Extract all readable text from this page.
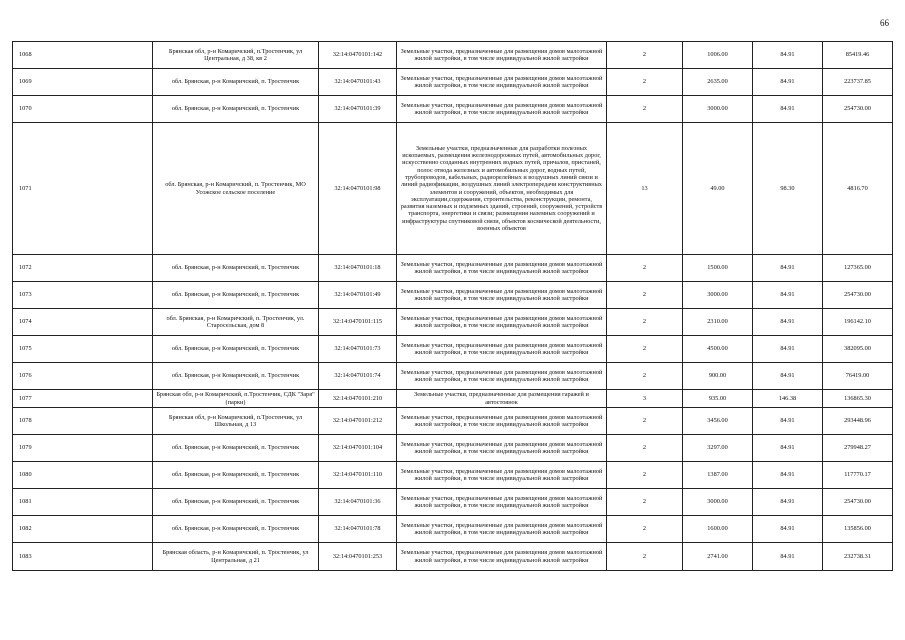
66
1068	Брянская обл, р-н Комаричский, п.Тростенчик, ул Центральная, д 38, кв 2	32:14:0470101:142	Земельные участки, предназначенные для размещения домов малоэтажной жилой застройки, в том числе индивидуальной жилой застройки	2	1006.00	84.91	85419.46
1069	обл. Брянская, р-н Комаричский, п. Тростенчик	32:14:0470101:43	Земельные участки, предназначенные для размещения домов малоэтажной жилой застройки, в том числе индивидуальной жилой застройки	2	2635.00	84.91	223737.85
1070	обл. Брянская, р-н Комаричский, п. Тростенчик	32:14:0470101:39	Земельные участки, предназначенные для размещения домов малоэтажной жилой застройки, в том числе индивидуальной жилой застройки	2	3000.00	84.91	254730.00
1071	обл. Брянская, р-н Комаричский, п. Тростенчик, МО Усожское сельское поселение	32:14:0470101:98	Земельные участки, предназначенные для разработки полезных ископаемых, размещения железнодорожных путей, автомобильных дорог, искусственно созданных внутренних водных путей, причалов, пристаней, полос отвода железных и автомобильных дорог, водных путей, трубопроводов, кабельных, радиорелейных и воздушных линий связи и линий радиофикации, воздушных линий электропередачи конструктивных элементов и сооружений, объектов, необходимых для эксплуатации,содержания, строительства, реконструкции, ремонта, развития наземных и подземных зданий, строений, сооружений, устройств транспорта, энергетики и связи; размещения наземных сооружений и инфраструктуры спутниковой связи, объектов космической деятельности, военных объектов	13	49.00	98.30	4816.70
1072	обл. Брянская, р-н Комаричский, п. Тростенчик	32:14:0470101:18	Земельные участки, предназначенные для размещения домов малоэтажной жилой застройки, в том числе индивидуальной жилой застройки	2	1500.00	84.91	127365.00
1073	обл. Брянская, р-н Комаричский, п. Тростенчик	32:14:0470101:49	Земельные участки, предназначенные для размещения домов малоэтажной жилой застройки, в том числе индивидуальной жилой застройки	2	3000.00	84.91	254730.00
1074	обл. Брянская, р-н Комаричский, п. Тростенчик, ул. Старосельская, дом 8	32:14:0470101:115	Земельные участки, предназначенные для размещения домов малоэтажной жилой застройки, в том числе индивидуальной жилой застройки	2	2310.00	84.91	196142.10
1075	обл. Брянская, р-н Комаричский, п. Тростенчик	32:14:0470101:73	Земельные участки, предназначенные для размещения домов малоэтажной жилой застройки, в том числе индивидуальной жилой застройки	2	4500.00	84.91	382095.00
1076	обл. Брянская, р-н Комаричский, п. Тростенчик	32:14:0470101:74	Земельные участки, предназначенные для размещения домов малоэтажной жилой застройки, в том числе индивидуальной жилой застройки	2	900.00	84.91	76419.00
1077	Брянская обл, р-н Комаричский, п.Тростенчик, СДК "Заря" (парки)	32:14:0470101:210	Земельные участки, предназначенные для размещения гаражей и автостоянок	3	935.00	146.38	136865.30
1078	Брянская обл, р-н Комаричский, п.Тростенчик, ул Школьная, д 13	32:14:0470101:212	Земельные участки, предназначенные для размещения домов малоэтажной жилой застройки, в том числе индивидуальной жилой застройки	2	3456.00	84.91	293448.96
1079	обл. Брянская, р-н Комаричский, п. Тростенчик	32:14:0470101:104	Земельные участки, предназначенные для размещения домов малоэтажной жилой застройки, в том числе индивидуальной жилой застройки	2	3297.00	84.91	279948.27
1080	обл. Брянская, р-н Комаричский, п. Тростенчик	32:14:0470101:110	Земельные участки, предназначенные для размещения домов малоэтажной жилой застройки, в том числе индивидуальной жилой застройки	2	1387.00	84.91	117770.17
1081	обл. Брянская, р-н Комаричский, п. Тростенчик	32:14:0470101:36	Земельные участки, предназначенные для размещения домов малоэтажной жилой застройки, в том числе индивидуальной жилой застройки	2	3000.00	84.91	254730.00
1082	обл. Брянская, р-н Комаричский, п. Тростенчик	32:14:0470101:78	Земельные участки, предназначенные для размещения домов малоэтажной жилой застройки, в том числе индивидуальной жилой застройки	2	1600.00	84.91	135856.00
1083	Брянская область, р-н Комаричский, п. Тростенчик, ул Центральная, д 21	32:14:0470101:253	Земельные участки, предназначенные для размещения домов малоэтажной жилой застройки, в том числе индивидуальной жилой застройки	2	2741.00	84.91	232738.31
